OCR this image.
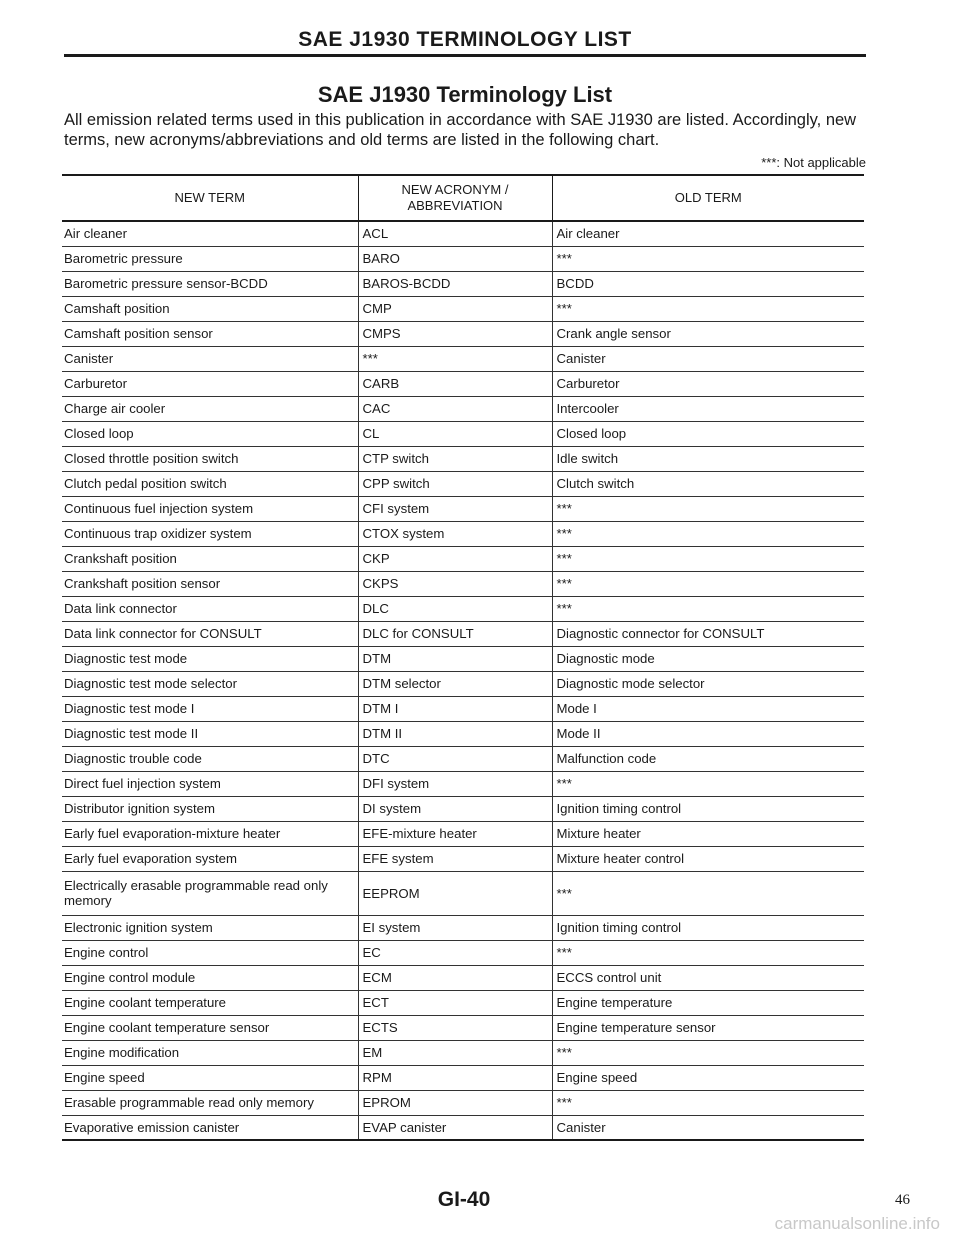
SAE J1930 TERMINOLOGY LIST
SAE J1930 Terminology List
All emission related terms used in this publication in accordance with SAE J1930 are listed. Accordingly, new terms, new acronyms/abbreviations and old terms are listed in the following chart.
***: Not applicable
NEW TERM	NEW ACRONYM / ABBREVIATION	OLD TERM
Air cleaner	ACL	Air cleaner
Barometric pressure	BARO	***
Barometric pressure sensor-BCDD	BAROS-BCDD	BCDD
Camshaft position	CMP	***
Camshaft position sensor	CMPS	Crank angle sensor
Canister	***	Canister
Carburetor	CARB	Carburetor
Charge air cooler	CAC	Intercooler
Closed loop	CL	Closed loop
Closed throttle position switch	CTP switch	Idle switch
Clutch pedal position switch	CPP switch	Clutch switch
Continuous fuel injection system	CFI system	***
Continuous trap oxidizer system	CTOX system	***
Crankshaft position	CKP	***
Crankshaft position sensor	CKPS	***
Data link connector	DLC	***
Data link connector for CONSULT	DLC for CONSULT	Diagnostic connector for CONSULT
Diagnostic test mode	DTM	Diagnostic mode
Diagnostic test mode selector	DTM selector	Diagnostic mode selector
Diagnostic test mode I	DTM I	Mode I
Diagnostic test mode II	DTM II	Mode II
Diagnostic trouble code	DTC	Malfunction code
Direct fuel injection system	DFI system	***
Distributor ignition system	DI system	Ignition timing control
Early fuel evaporation-mixture heater	EFE-mixture heater	Mixture heater
Early fuel evaporation system	EFE system	Mixture heater control
Electrically erasable programmable read only memory	EEPROM	***
Electronic ignition system	EI system	Ignition timing control
Engine control	EC	***
Engine control module	ECM	ECCS control unit
Engine coolant temperature	ECT	Engine temperature
Engine coolant temperature sensor	ECTS	Engine temperature sensor
Engine modification	EM	***
Engine speed	RPM	Engine speed
Erasable programmable read only memory	EPROM	***
Evaporative emission canister	EVAP canister	Canister
GI-40	46
carmanualsonline.info
